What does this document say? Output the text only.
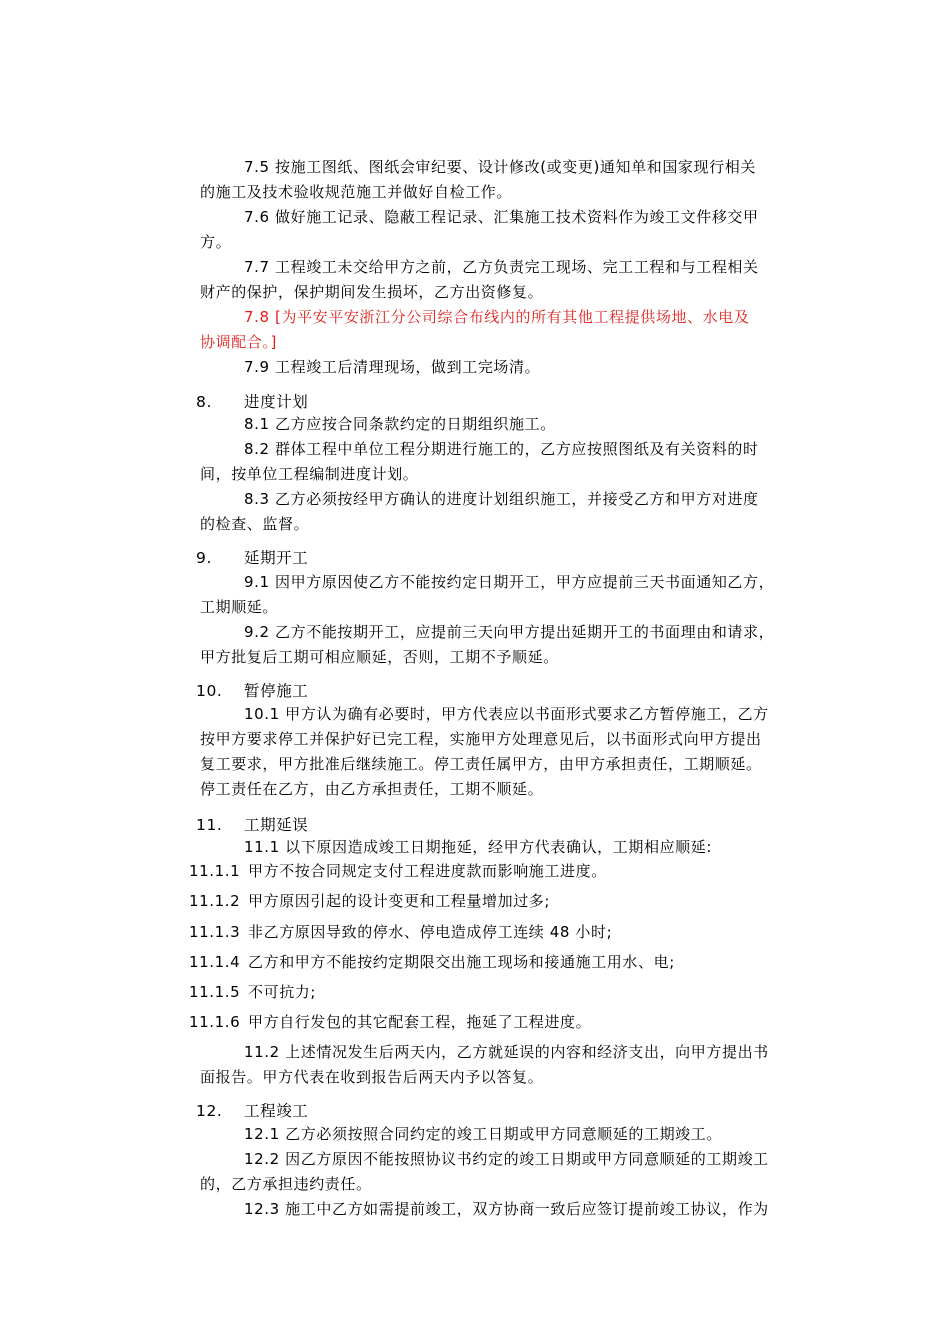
7.5 按施工图纸、图纸会审纪要、设计修改(或变更)通知单和国家现行相关
的施工及技术验收规范施工并做好自检工作。
7.6 做好施工记录、隐蔽工程记录、汇集施工技术资料作为竣工文件移交甲
方。
7.7 工程竣工未交给甲方之前，乙方负责完工现场、完工工程和与工程相关
财产的保护，保护期间发生损坏，乙方出资修复。
7.8 [为平安平安浙江分公司综合布线内的所有其他工程提供场地、水电及
协调配合。]
7.9 工程竣工后清理现场，做到工完场清。
8. 进度计划
8.1 乙方应按合同条款约定的日期组织施工。
8.2 群体工程中单位工程分期进行施工的，乙方应按照图纸及有关资料的时
间，按单位工程编制进度计划。
8.3 乙方必须按经甲方确认的进度计划组织施工，并接受乙方和甲方对进度
的检查、监督。
9. 延期开工
9.1 因甲方原因使乙方不能按约定日期开工，甲方应提前三天书面通知乙方，
工期顺延。
9.2 乙方不能按期开工，应提前三天向甲方提出延期开工的书面理由和请求，
甲方批复后工期可相应顺延，否则，工期不予顺延。
10. 暂停施工
10.1 甲方认为确有必要时，甲方代表应以书面形式要求乙方暂停施工，乙方
按甲方要求停工并保护好已完工程，实施甲方处理意见后，以书面形式向甲方提出
复工要求，甲方批准后继续施工。停工责任属甲方，由甲方承担责任，工期顺延。
停工责任在乙方，由乙方承担责任，工期不顺延。
11. 工期延误
11.1 以下原因造成竣工日期拖延，经甲方代表确认，工期相应顺延:
11.1.1 甲方不按合同规定支付工程进度款而影响施工进度。
11.1.2 甲方原因引起的设计变更和工程量增加过多;
11.1.3 非乙方原因导致的停水、停电造成停工连续 48 小时;
11.1.4 乙方和甲方不能按约定期限交出施工现场和接通施工用水、电;
11.1.5 不可抗力;
11.1.6 甲方自行发包的其它配套工程，拖延了工程进度。
11.2 上述情况发生后两天内，乙方就延误的内容和经济支出，向甲方提出书
面报告。甲方代表在收到报告后两天内予以答复。
12. 工程竣工
12.1 乙方必须按照合同约定的竣工日期或甲方同意顺延的工期竣工。
12.2 因乙方原因不能按照协议书约定的竣工日期或甲方同意顺延的工期竣工
的，乙方承担违约责任。
12.3 施工中乙方如需提前竣工，双方协商一致后应签订提前竣工协议，作为
